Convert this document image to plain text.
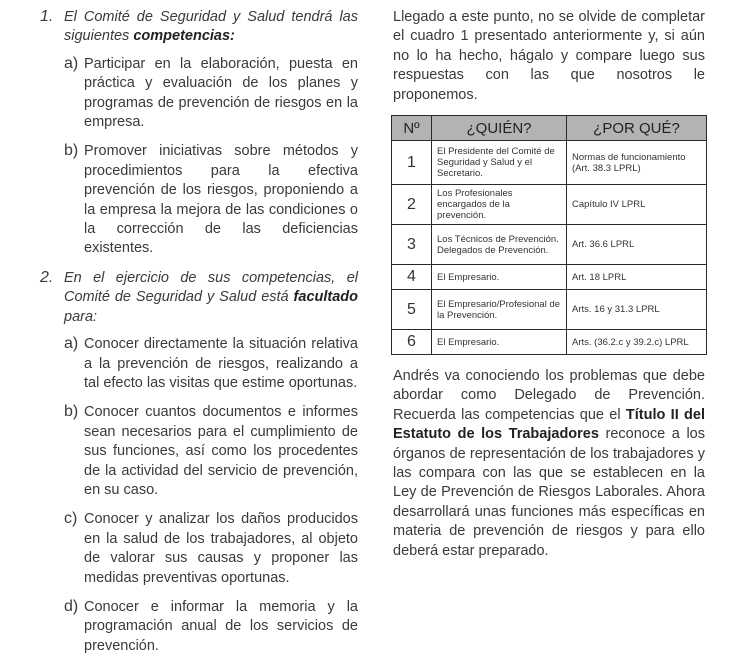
1. El Comité de Seguridad y Salud tendrá las siguientes competencias:

a) Participar en la elaboración, puesta en práctica y evaluación de los planes y programas de prevención de riesgos en la empresa.

b) Promover iniciativas sobre métodos y procedimientos para la efectiva prevención de los riesgos, proponiendo a la empresa la mejora de las condiciones o la corrección de las deficiencias existentes.

2. En el ejercicio de sus competencias, el Comité de Seguridad y Salud está facultado para:

a) Conocer directamente la situación relativa a la prevención de riesgos, realizando a tal efecto las visitas que estime oportunas.

b) Conocer cuantos documentos e informes sean necesarios para el cumplimiento de sus funciones, así como los procedentes de la actividad del servicio de prevención, en su caso.

c) Conocer y analizar los daños producidos en la salud de los trabajadores, al objeto de valorar sus causas y proponer las medidas preventivas oportunas.

d) Conocer e informar la memoria y la programación anual de los servicios de prevención.

Llegado a este punto, no se olvide de completar el cuadro 1 presentado anteriormente y, si aún no lo ha hecho, hágalo y compare luego sus respuestas con las que nosotros le proponemos.

Nº	¿QUIÉN?	¿POR QUÉ?
1	El Presidente del Comité de Seguridad y Salud y el Secretario.	Normas de funcionamiento (Art. 38.3 LPRL)
2	Los Profesionales encargados de la prevención.	Capítulo IV LPRL
3	Los Técnicos de Prevención. Delegados de Prevención.	Art. 36.6 LPRL
4	El Empresario.	Art. 18 LPRL
5	El Empresario/Profesional de la Prevención.	Arts. 16 y 31.3 LPRL
6	El Empresario.	Arts. (36.2.c y 39.2.c) LPRL

Andrés va conociendo los problemas que debe abordar como Delegado de Prevención. Recuerda las competencias que el Título II del Estatuto de los Trabajadores reconoce a los órganos de representación de los trabajadores y las compara con las que se establecen en la Ley de Prevención de Riesgos Laborales. Ahora desarrollará unas funciones más específicas en materia de prevención de riesgos y para ello deberá estar preparado.
